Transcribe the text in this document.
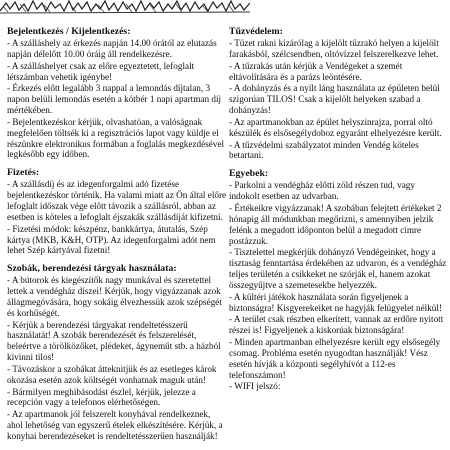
Bejelentkezés / Kijelentkezés:
- A szálláshely az érkezés napján 14.00 órától az elutazás napján délelőtt 10.00 óráig áll rendelkezésre.
- A szálláshelyet csak az előre egyeztetett, lefoglalt létszámban vehetik igénybe!
- Érkezés előtt legalább 3 nappal a lemondás díjtalan, 3 napon belüli lemondás esetén a kötbér 1 napi apartman díj mértékében.
- Bejelentkezéskor kérjük, olvashatóan, a valóságnak megfelelően töltsék ki a regisztrációs lapot vagy küldje el részünkre elektronikus formában a foglalás megkezdésével legkésőbb egy időben.
Fizetés:
- A szállásdíj és az idegenforgalmi adó fizetése bejelentkezéskor történik. Ha valami miatt az Ön által előre lefoglalt időszak vége előtt távozik a szállásról, abban az esetben is köteles a lefoglalt éjszakák szállásdíját kifizetni.
- Fizetési módok: készpénz, bankkártya, átutalás, Szép kártya (MKB, K&H, OTP). Az idegenforgalmi adót nem lehet Szép kártyával fizetni!
Szobák, berendezési tárgyak használata:
- A bútorok és kiegészítők nagy munkával és szeretettel lettek a vendégház díszei! Kérjük, hogy vigyázzanak azok állagmegóvására, hogy sokáig élvezhessük azok szépségét és korhűségét.
- Kérjük a berendezési tárgyakat rendeltetésszerű használatát! A szobák berendezését és felszerelését, beleértve a törölközőket, plédeket, ágyneműt stb. a házból kivinni tilos!
- Távozáskor a szobákat átteknitjük és az esetleges károk okozása esetén azok költségét vonhatnak maguk után!
- Bármilyen meghibásodást észlel, kérjük, jelezze a recepción vagy a telefonos elérhetőségen.
- Az apartmanok jól felszerelt konyhával rendelkeznek, ahol lehetőség van egyszerű ételek elkészítésére. Kérjük, a konyhai berendezéseket is rendeltetésszerűen használják!
Tűzvédelem:
- Tüzet rakni kizárólag a kijelölt tűzrakó helyen a kijelölt farakásból, szélcsendben, oltóvízzel felszerelkezve lehet.
- A tűzrakás után kérjük a Vendégeket a szemét eltávolítására és a parázs leöntésére.
- A dohányzás és a nyílt láng használata az épületen belül szigorúan TILOS! Csak a kijelölt helyeken szabad a dohányzás!
- Az apartmanokban az épület helyszínrajza, porral oltó készülék és elsősegélydoboz egyaránt elhelyezésre került.
- A tűzvédelmi szabályzatot minden Vendég köteles betartani.
Egyebek:
- Parkolni a vendégház előtti zöld részen tud, vagy indokolt esetben az udvarban.
- Értékeikre vigyázzanak! A szobában felejtett értékeket 2 hónapig áll módunkban megőrizni, s amennyiben jelzik felénk a megadott időponton belül a megadott címre postázzuk.
- Tisztelettel megkérjük dohányzó Vendégeinket, hogy a tisztaság fenntartása érdekében az udvaron, és a vendégház teljes területén a csikkeket ne szórják el, hanem azokat összegyűjtve a szemetesekbe helyezzék.
- A kültéri játékok használata során figyeljenek a biztonságra! Kisgyerekeiket ne hagyják felügyelet nélkül!
- A terület csak részben elkerített, vannak az erdőre nyitott részei is! Figyeljenek a kiskorúak biztonságára!
- Minden apartmanban elhelyezésre került egy elsősegély csomag. Probléma esetén nyugodtan használják! Vész esetén hívják a központi segélyhívót a 112-es telefonszámon!
- WIFI jelszó:
